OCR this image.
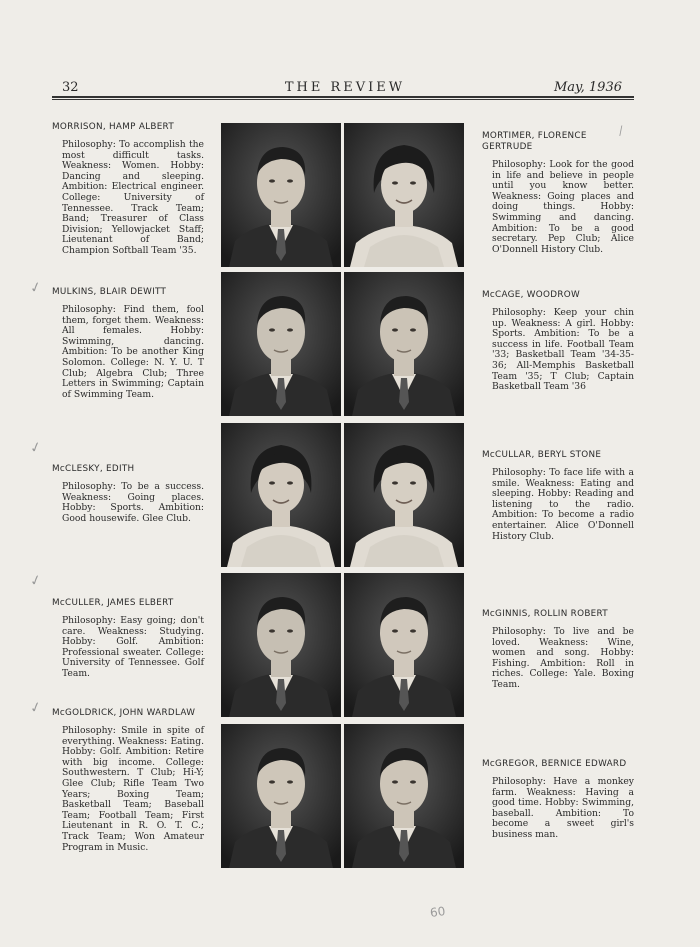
32	THE REVIEW	May, 1936
MORRISON, HAMP ALBERT
Philosophy: To accomplish the most difficult tasks. Weakness: Women. Hobby: Dancing and sleeping. Ambition: Electrical engineer. College: University of Tennessee. Track Team; Band; Treasurer of Class Division; Yellowjacket Staff; Lieutenant of Band; Champion Softball Team '35.
MORTIMER, FLORENCE GERTRUDE
Philosophy: Look for the good in life and believe in people until you know better. Weakness: Going places and doing things. Hobby: Swimming and dancing. Ambition: To be a good secretary. Pep Club; Alice O'Donnell History Club.
MULKINS, BLAIR DEWITT
Philosophy: Find them, fool them, forget them. Weakness: All females. Hobby: Swimming, dancing. Ambition: To be another King Solomon. College: N. Y. U. T Club; Algebra Club; Three Letters in Swimming; Captain of Swimming Team.
McCAGE, WOODROW
Philosophy: Keep your chin up. Weakness: A girl. Hobby: Sports. Ambition: To be a success in life. Football Team '33; Basketball Team '34-35-36; All-Memphis Basketball Team '35; T Club; Captain Basketball Team '36
McCLESKY, EDITH
Philosophy: To be a success. Weakness: Going places. Hobby: Sports. Ambition: Good housewife. Glee Club.
McCULLAR, BERYL STONE
Philosophy: To face life with a smile. Weakness: Eating and sleeping. Hobby: Reading and listening to the radio. Ambition: To become a radio entertainer. Alice O'Donnell History Club.
McCULLER, JAMES ELBERT
Philosophy: Easy going; don't care. Weakness: Studying. Hobby: Golf. Ambition: Professional sweater. College: University of Tennessee. Golf Team.
McGINNIS, ROLLIN ROBERT
Philosophy: To live and be loved. Weakness: Wine, women and song. Hobby: Fishing. Ambition: Roll in riches. College: Yale. Boxing Team.
McGOLDRICK, JOHN WARDLAW
Philosophy: Smile in spite of everything. Weakness: Eating. Hobby: Golf. Ambition: Retire with big income. College: Southwestern. T Club; Hi-Y; Glee Club; Rifle Team Two Years; Boxing Team; Basketball Team; Baseball Team; Football Team; First Lieutenant in R. O. T. C.; Track Team; Won Amateur Program in Music.
McGREGOR, BERNICE EDWARD
Philosophy: Have a monkey farm. Weakness: Having a good time. Hobby: Swimming, baseball. Ambition: To become a sweet girl's business man.
✓
✓
✓
✓
⁄
60
